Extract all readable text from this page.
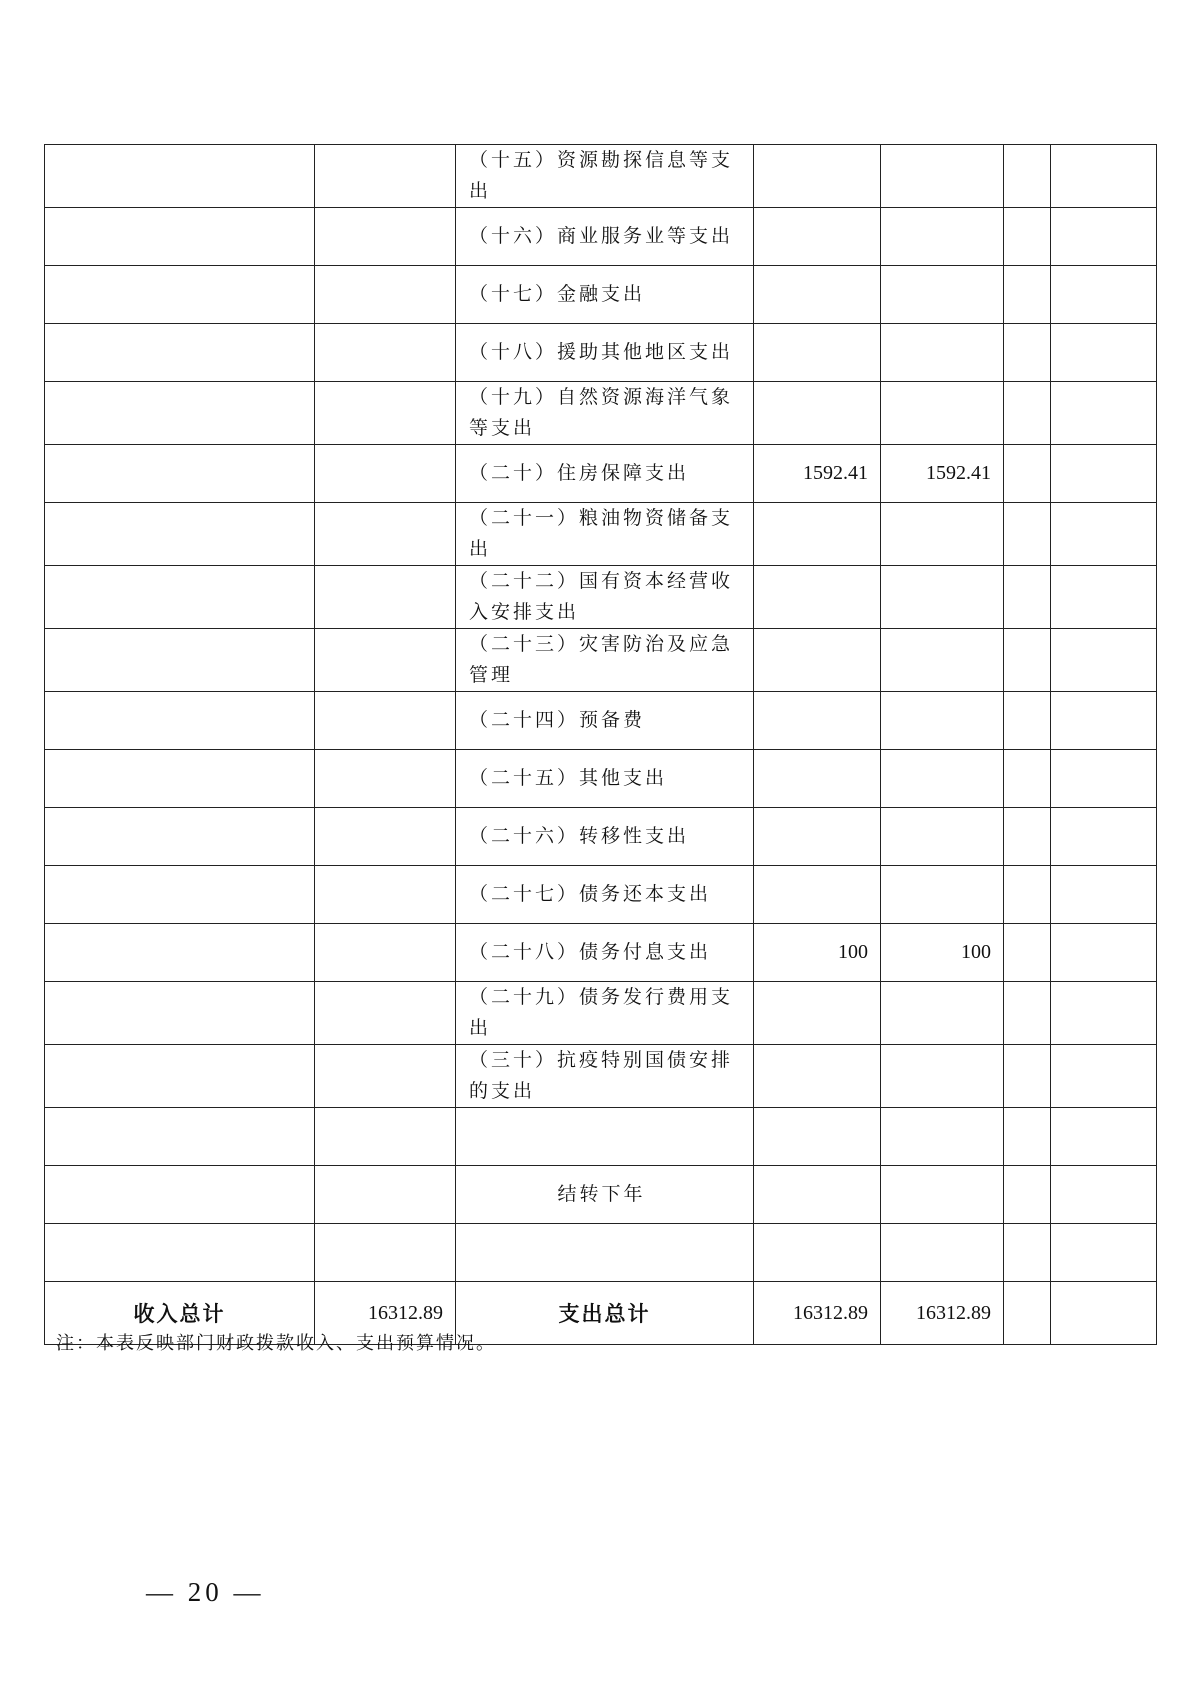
		（十五）资源勘探信息等支出				
		（十六）商业服务业等支出				
		（十七）金融支出				
		（十八）援助其他地区支出				
		（十九）自然资源海洋气象等支出				
		（二十）住房保障支出	1592.41	1592.41		
		（二十一）粮油物资储备支出				
		（二十二）国有资本经营收入安排支出				
		（二十三）灾害防治及应急管理				
		（二十四）预备费				
		（二十五）其他支出				
		（二十六）转移性支出				
		（二十七）债务还本支出				
		（二十八）债务付息支出	100	100		
		（二十九）债务发行费用支出				
		（三十）抗疫特别国债安排的支出				

		结转下年				

收入总计	16312.89	支出总计	16312.89	16312.89		
注：本表反映部门财政拨款收入、支出预算情况。
— 20 —
